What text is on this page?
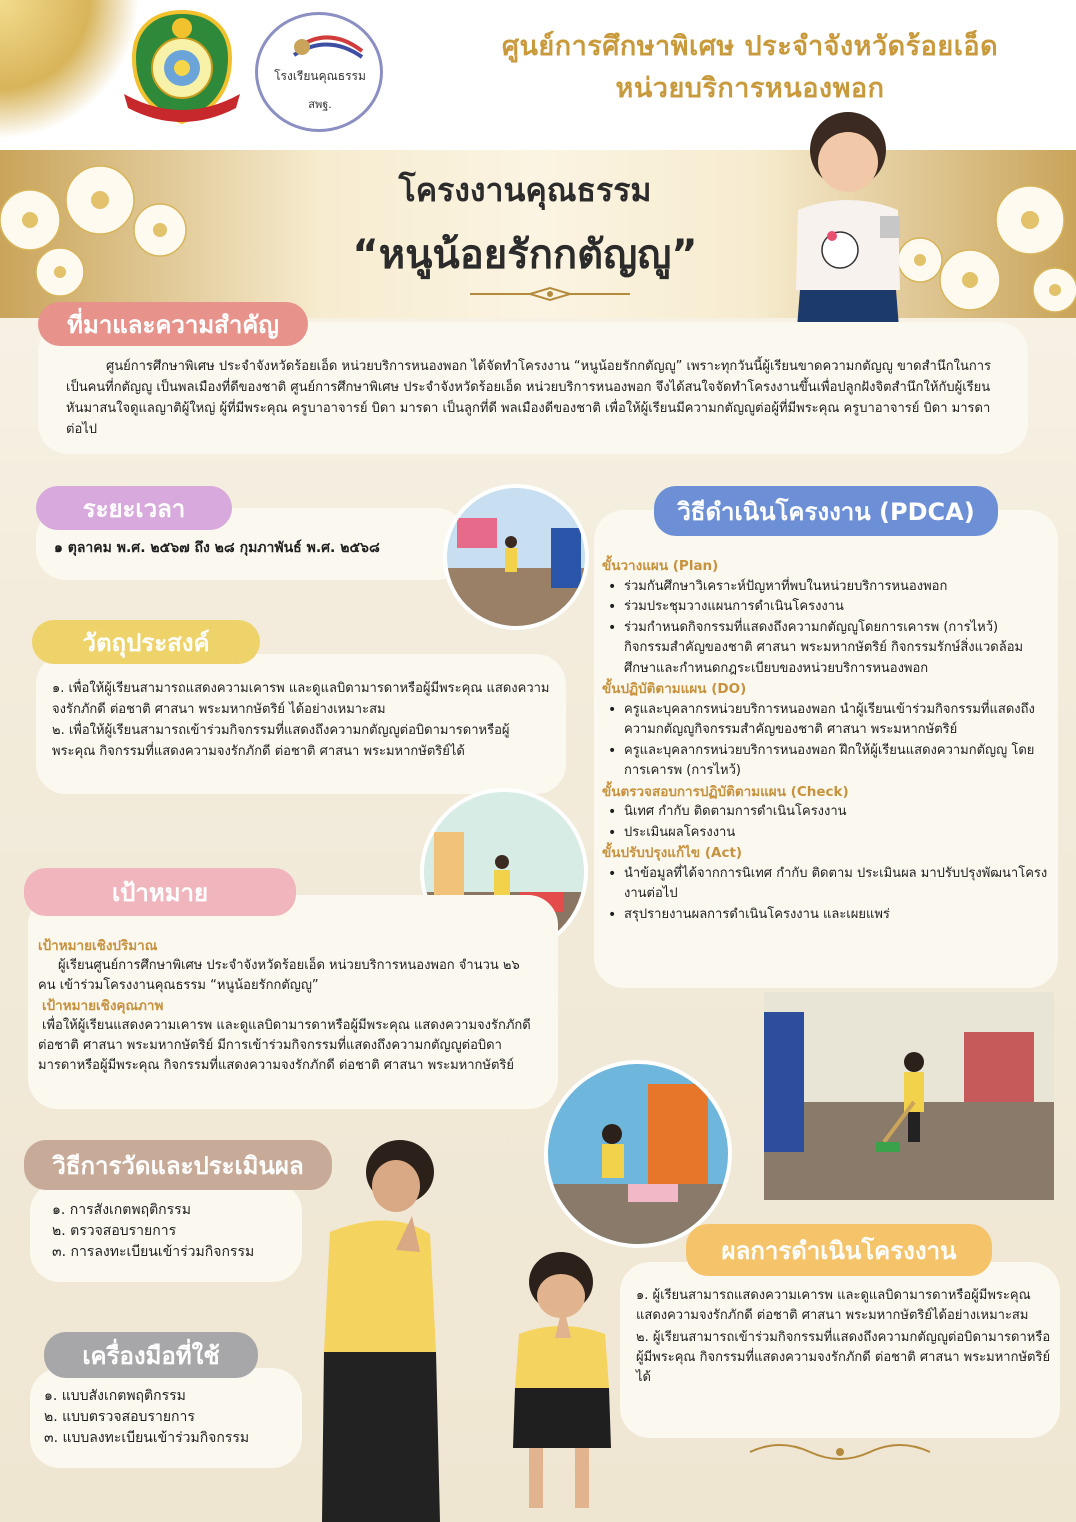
โรงเรียนคุณธรรม
สพฐ.
ศูนย์การศึกษาพิเศษ ประจำจังหวัดร้อยเอ็ด
หน่วยบริการหนองพอก
โครงงานคุณธรรม
“หนูน้อยรักกตัญญู”
ที่มาและความสำคัญ
ศูนย์การศึกษาพิเศษ ประจำจังหวัดร้อยเอ็ด หน่วยบริการหนองพอก ได้จัดทำโครงงาน “หนูน้อยรักกตัญญู” เพราะทุกวันนี้ผู้เรียนขาดความกตัญญู ขาดสำนึกในการเป็นคนที่กตัญญู เป็นพลเมืองที่ดีของชาติ ศูนย์การศึกษาพิเศษ ประจำจังหวัดร้อยเอ็ด หน่วยบริการหนองพอก จึงได้สนใจจัดทำโครงงานขึ้นเพื่อปลูกฝังจิตสำนึกให้กับผู้เรียน หันมาสนใจดูแลญาติผู้ใหญ่ ผู้ที่มีพระคุณ ครูบาอาจารย์ บิดา มารดา เป็นลูกที่ดี พลเมืองดีของชาติ เพื่อให้ผู้เรียนมีความกตัญญูต่อผู้ที่มีพระคุณ ครูบาอาจารย์ บิดา มารดา ต่อไป
ระยะเวลา
๑ ตุลาคม พ.ศ. ๒๕๖๗ ถึง ๒๘ กุมภาพันธ์ พ.ศ. ๒๕๖๘
วัตถุประสงค์

๑. เพื่อให้ผู้เรียนสามารถแสดงความเคารพ และดูแลบิดามารดาหรือผู้มีพระคุณ แสดงความจงรักภักดี ต่อชาติ ศาสนา พระมหากษัตริย์ ได้อย่างเหมาะสม

๒. เพื่อให้ผู้เรียนสามารถเข้าร่วมกิจกรรมที่แสดงถึงความกตัญญูต่อบิดามารดาหรือผู้พระคุณ กิจกรรมที่แสดงความจงรักภักดี ต่อชาติ ศาสนา พระมหากษัตริย์ได้

เป้าหมาย
เป้าหมายเชิงปริมาณ

ผู้เรียนศูนย์การศึกษาพิเศษ ประจำจังหวัดร้อยเอ็ด หน่วยบริการหนองพอก จำนวน ๒๖ คน เข้าร่วมโครงงานคุณธรรม “หนูน้อยรักกตัญญู”

เป้าหมายเชิงคุณภาพ

เพื่อให้ผู้เรียนแสดงความเคารพ และดูแลบิดามารดาหรือผู้มีพระคุณ แสดงความจงรักภักดี ต่อชาติ ศาสนา พระมหากษัตริย์ มีการเข้าร่วมกิจกรรมที่แสดงถึงความกตัญญูต่อบิดามารดาหรือผู้มีพระคุณ กิจกรรมที่แสดงความจงรักภักดี ต่อชาติ ศาสนา พระมหากษัตริย์

วิธีการวัดและประเมินผล

๑. การสังเกตพฤติกรรม

๒. ตรวจสอบรายการ

๓. การลงทะเบียนเข้าร่วมกิจกรรม

เครื่องมือที่ใช้

๑. แบบสังเกตพฤติกรรม

๒. แบบตรวจสอบรายการ

๓. แบบลงทะเบียนเข้าร่วมกิจกรรม

วิธีดำเนินโครงงาน (PDCA)
ขั้นวางแผน (Plan)
• ร่วมกันศึกษาวิเคราะห์ปัญหาที่พบในหน่วยบริการหนองพอก
• ร่วมประชุมวางแผนการดำเนินโครงงาน
• ร่วมกำหนดกิจกรรมที่แสดงถึงความกตัญญูโดยการเคารพ (การไหว้) กิจกรรมสำคัญของชาติ ศาสนา พระมหากษัตริย์ กิจกรรมรักษ์สิ่งแวดล้อม ศึกษาและกำหนดกฎระเบียบของหน่วยบริการหนองพอก
ขั้นปฏิบัติตามแผน (DO)
• ครูและบุคลากรหน่วยบริการหนองพอก นำผู้เรียนเข้าร่วมกิจกรรมที่แสดงถึงความกตัญญูกิจกรรมสำคัญของชาติ ศาสนา พระมหากษัตริย์
• ครูและบุคลากรหน่วยบริการหนองพอก ฝึกให้ผู้เรียนแสดงความกตัญญู โดยการเคารพ (การไหว้)
ขั้นตรวจสอบการปฏิบัติตามแผน (Check)
• นิเทศ กำกับ ติดตามการดำเนินโครงงาน
• ประเมินผลโครงงาน
ขั้นปรับปรุงแก้ไข (Act)
• นำข้อมูลที่ได้จากการนิเทศ กำกับ ติดตาม ประเมินผล มาปรับปรุงพัฒนาโครงงานต่อไป
• สรุปรายงานผลการดำเนินโครงงาน และเผยแพร่
ผลการดำเนินโครงงาน

๑. ผู้เรียนสามารถแสดงความเคารพ และดูแลบิดามารดาหรือผู้มีพระคุณ แสดงความจงรักภักดี ต่อชาติ ศาสนา พระมหากษัตริย์ได้อย่างเหมาะสม

๒. ผู้เรียนสามารถเข้าร่วมกิจกรรมที่แสดงถึงความกตัญญูต่อบิดามารดาหรือผู้มีพระคุณ กิจกรรมที่แสดงความจงรักภักดี ต่อชาติ ศาสนา พระมหากษัตริย์ได้
